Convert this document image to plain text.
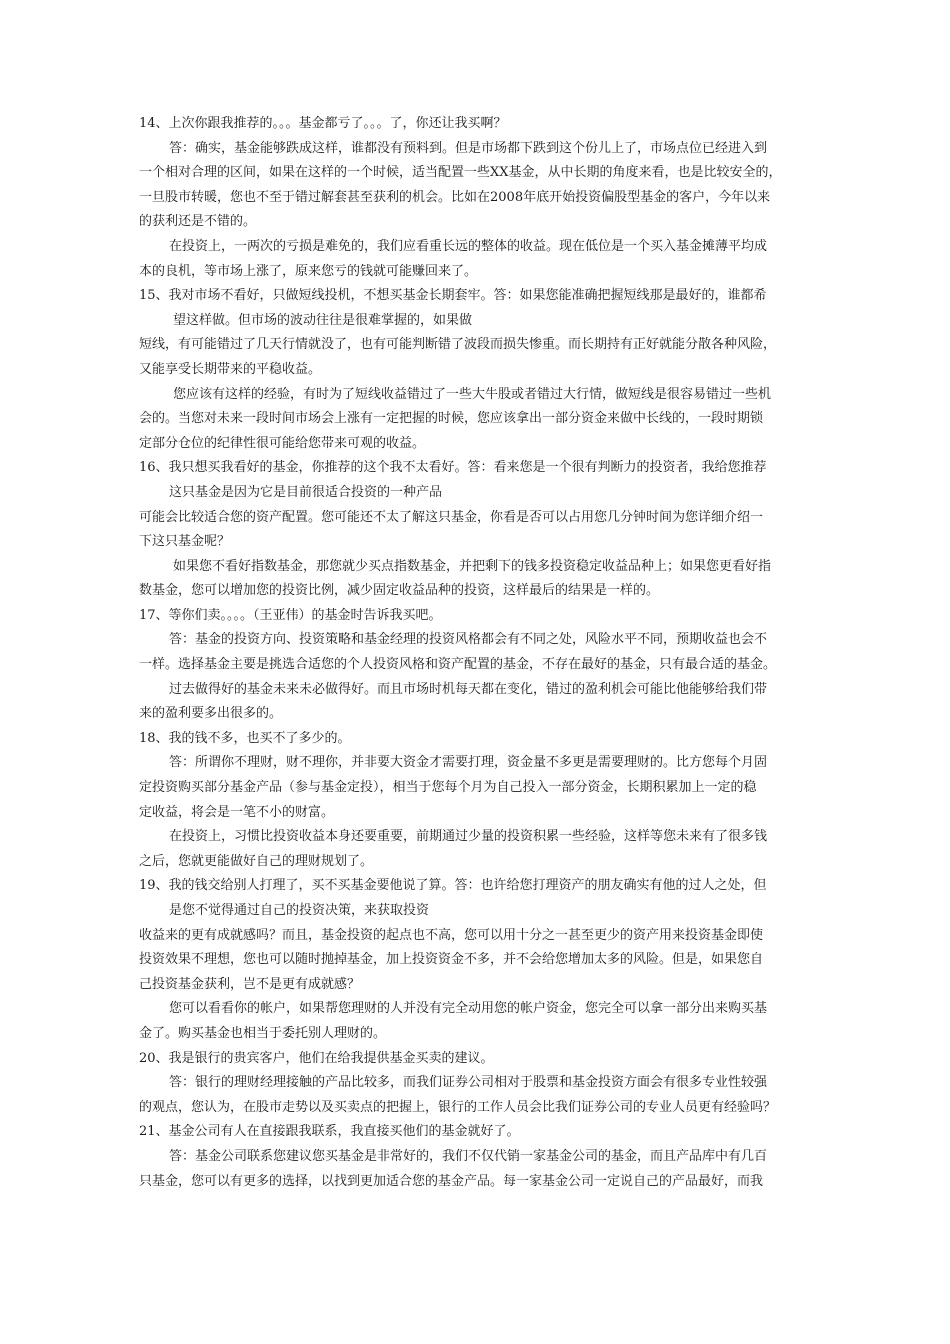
14、上次你跟我推荐的。。。基金都亏了。。。了，你还让我买啊？

答：确实，基金能够跌成这样，谁都没有预料到。但是市场都下跌到这个份儿上了，市场点位已经进入到

一个相对合理的区间，如果在这样的一个时候，适当配置一些XX基金，从中长期的角度来看，也是比较安全的，

一旦股市转暖，您也不至于错过解套甚至获利的机会。比如在2008年底开始投资偏股型基金的客户，今年以来

的获利还是不错的。

在投资上，一两次的亏损是难免的，我们应看重长远的整体的收益。现在低位是一个买入基金摊薄平均成

本的良机，等市场上涨了，原来您亏的钱就可能赚回来了。

15、我对市场不看好，只做短线投机，不想买基金长期套牢。答：如果您能准确把握短线那是最好的，谁都希

望这样做。但市场的波动往往是很难掌握的，如果做

短线，有可能错过了几天行情就没了，也有可能判断错了波段而损失惨重。而长期持有正好就能分散各种风险，

又能享受长期带来的平稳收益。

您应该有这样的经验，有时为了短线收益错过了一些大牛股或者错过大行情，做短线是很容易错过一些机

会的。当您对未来一段时间市场会上涨有一定把握的时候，您应该拿出一部分资金来做中长线的，一段时期锁

定部分仓位的纪律性很可能给您带来可观的收益。

16、我只想买我看好的基金，你推荐的这个我不太看好。答：看来您是一个很有判断力的投资者，我给您推荐

这只基金是因为它是目前很适合投资的一种产品

可能会比较适合您的资产配置。您可能还不太了解这只基金，你看是否可以占用您几分钟时间为您详细介绍一

下这只基金呢？

如果您不看好指数基金，那您就少买点指数基金，并把剩下的钱多投资稳定收益品种上；如果您更看好指

数基金，您可以增加您的投资比例，减少固定收益品种的投资，这样最后的结果是一样的。

17、等你们卖。。。。（王亚伟）的基金时告诉我买吧。

答：基金的投资方向、投资策略和基金经理的投资风格都会有不同之处，风险水平不同，预期收益也会不

一样。选择基金主要是挑选合适您的个人投资风格和资产配置的基金，不存在最好的基金，只有最合适的基金。

过去做得好的基金未来未必做得好。而且市场时机每天都在变化，错过的盈利机会可能比他能够给我们带

来的盈利要多出很多的。

18、我的钱不多，也买不了多少的。

答：所谓你不理财，财不理你，并非要大资金才需要打理，资金量不多更是需要理财的。比方您每个月固

定投资购买部分基金产品（参与基金定投），相当于您每个月为自己投入一部分资金，长期积累加上一定的稳

定收益，将会是一笔不小的财富。

在投资上，习惯比投资收益本身还要重要，前期通过少量的投资积累一些经验，这样等您未来有了很多钱

之后，您就更能做好自己的理财规划了。

19、我的钱交给别人打理了，买不买基金要他说了算。答：也许给您打理资产的朋友确实有他的过人之处，但

是您不觉得通过自己的投资决策，来获取投资

收益来的更有成就感吗？而且，基金投资的起点也不高，您可以用十分之一甚至更少的资产用来投资基金即使

投资效果不理想，您也可以随时抛掉基金，加上投资资金不多，并不会给您增加太多的风险。但是，如果您自

己投资基金获利，岂不是更有成就感？

您可以看看你的帐户，如果帮您理财的人并没有完全动用您的帐户资金，您完全可以拿一部分出来购买基

金了。购买基金也相当于委托别人理财的。

20、我是银行的贵宾客户，他们在给我提供基金买卖的建议。

答：银行的理财经理接触的产品比较多，而我们证券公司相对于股票和基金投资方面会有很多专业性较强

的观点，您认为，在股市走势以及买卖点的把握上，银行的工作人员会比我们证券公司的专业人员更有经验吗？

21、基金公司有人在直接跟我联系，我直接买他们的基金就好了。

答：基金公司联系您建议您买基金是非常好的，我们不仅代销一家基金公司的基金，而且产品库中有几百

只基金，您可以有更多的选择，以找到更加适合您的基金产品。每一家基金公司一定说自己的产品最好，而我
